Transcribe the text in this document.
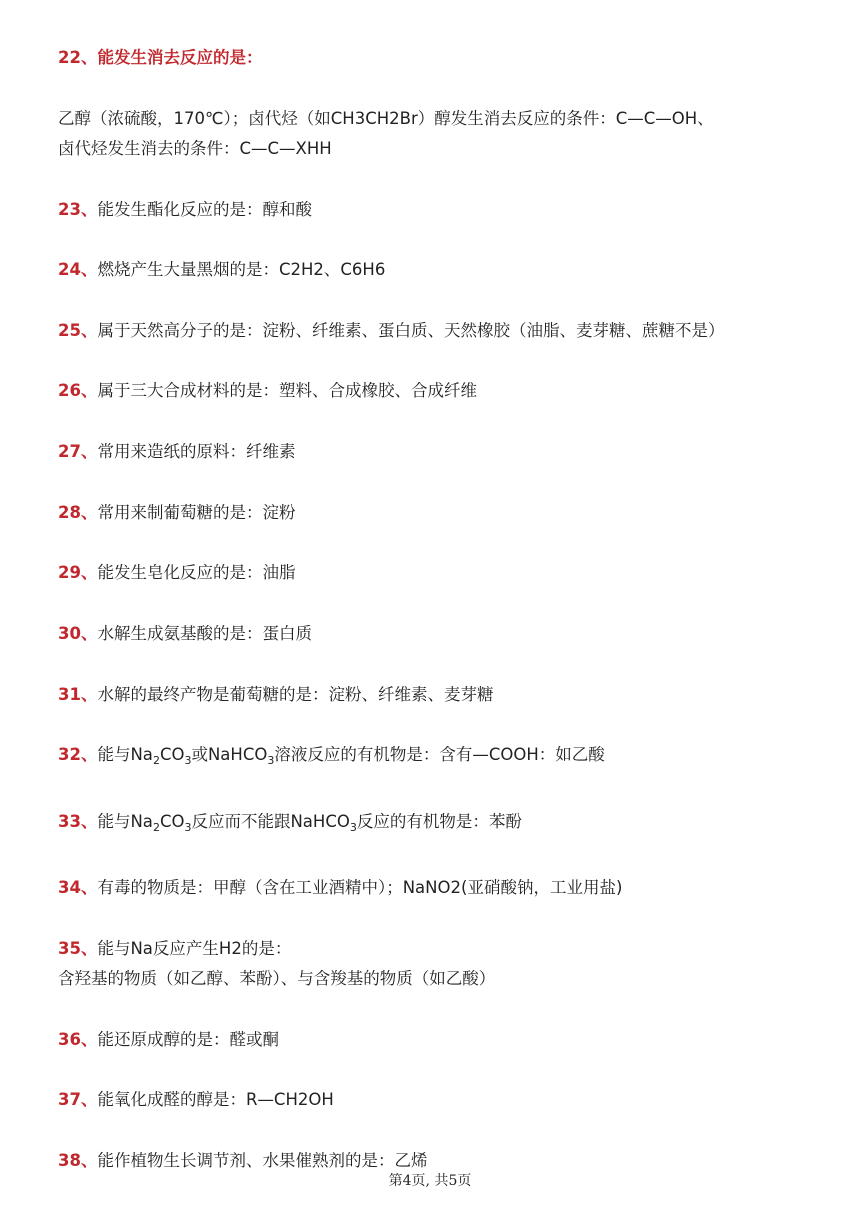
22、能发生消去反应的是：
乙醇（浓硫酸，170℃）；卤代烃（如CH3CH2Br）醇发生消去反应的条件：C—C—OH、
卤代烃发生消去的条件：C—C—XHH
23、能发生酯化反应的是：醇和酸
24、燃烧产生大量黑烟的是：C2H2、C6H6
25、属于天然高分子的是：淀粉、纤维素、蛋白质、天然橡胶（油脂、麦芽糖、蔗糖不是）
26、属于三大合成材料的是：塑料、合成橡胶、合成纤维
27、常用来造纸的原料：纤维素
28、常用来制葡萄糖的是：淀粉
29、能发生皂化反应的是：油脂
30、水解生成氨基酸的是：蛋白质
31、水解的最终产物是葡萄糖的是：淀粉、纤维素、麦芽糖
32、能与$Na_2CO_3$或NaHCO$_3$溶液反应的有机物是：含有—COOH：如乙酸
33、能与$Na_2CO_3$反应而不能跟NaHCO$_3$反应的有机物是：苯酚
34、有毒的物质是：甲醇（含在工业酒精中）；NaNO2(亚硝酸钠，工业用盐)
35、能与Na反应产生H2的是：
含羟基的物质（如乙醇、苯酚）、与含羧基的物质（如乙酸）
36、能还原成醇的是：醛或酮
37、能氧化成醛的醇是：R—CH2OH
38、能作植物生长调节剂、水果催熟剂的是：乙烯
第4页, 共5页
